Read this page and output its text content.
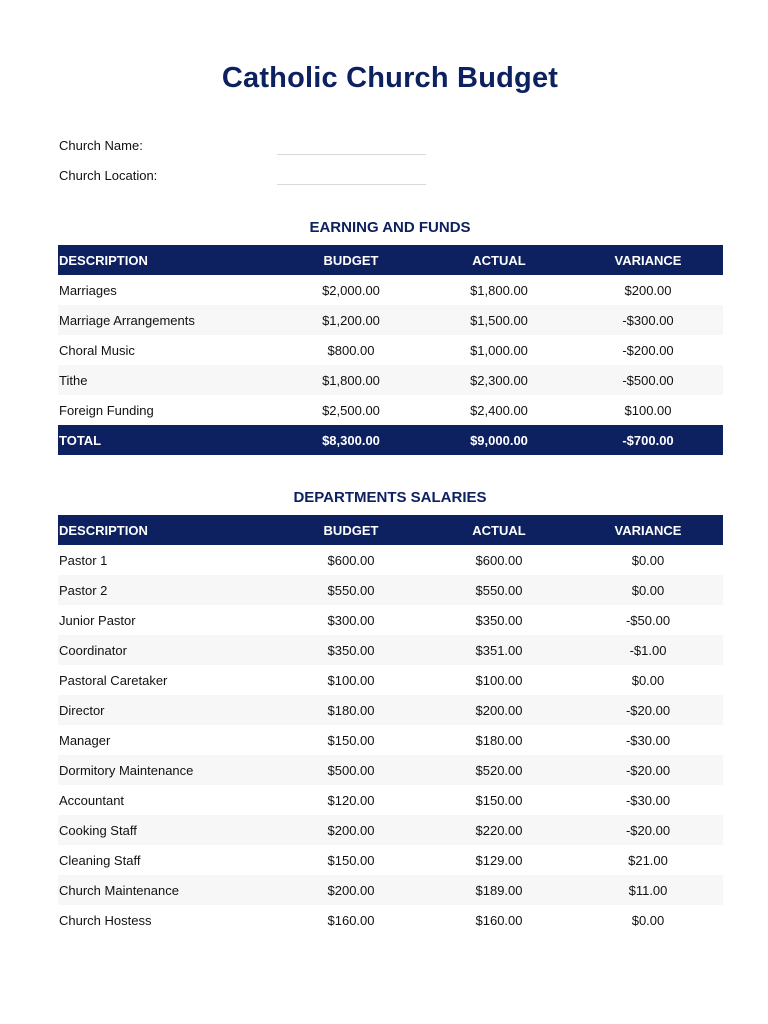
Catholic Church Budget
Church Name:
Church Location:
EARNING AND FUNDS
DESCRIPTION	BUDGET	ACTUAL	VARIANCE
Marriages	$2,000.00	$1,800.00	$200.00
Marriage Arrangements	$1,200.00	$1,500.00	-$300.00
Choral Music	$800.00	$1,000.00	-$200.00
Tithe	$1,800.00	$2,300.00	-$500.00
Foreign Funding	$2,500.00	$2,400.00	$100.00
TOTAL	$8,300.00	$9,000.00	-$700.00
DEPARTMENTS SALARIES
DESCRIPTION	BUDGET	ACTUAL	VARIANCE
Pastor 1	$600.00	$600.00	$0.00
Pastor 2	$550.00	$550.00	$0.00
Junior Pastor	$300.00	$350.00	-$50.00
Coordinator	$350.00	$351.00	-$1.00
Pastoral Caretaker	$100.00	$100.00	$0.00
Director	$180.00	$200.00	-$20.00
Manager	$150.00	$180.00	-$30.00
Dormitory Maintenance	$500.00	$520.00	-$20.00
Accountant	$120.00	$150.00	-$30.00
Cooking Staff	$200.00	$220.00	-$20.00
Cleaning Staff	$150.00	$129.00	$21.00
Church Maintenance	$200.00	$189.00	$11.00
Church Hostess	$160.00	$160.00	$0.00
